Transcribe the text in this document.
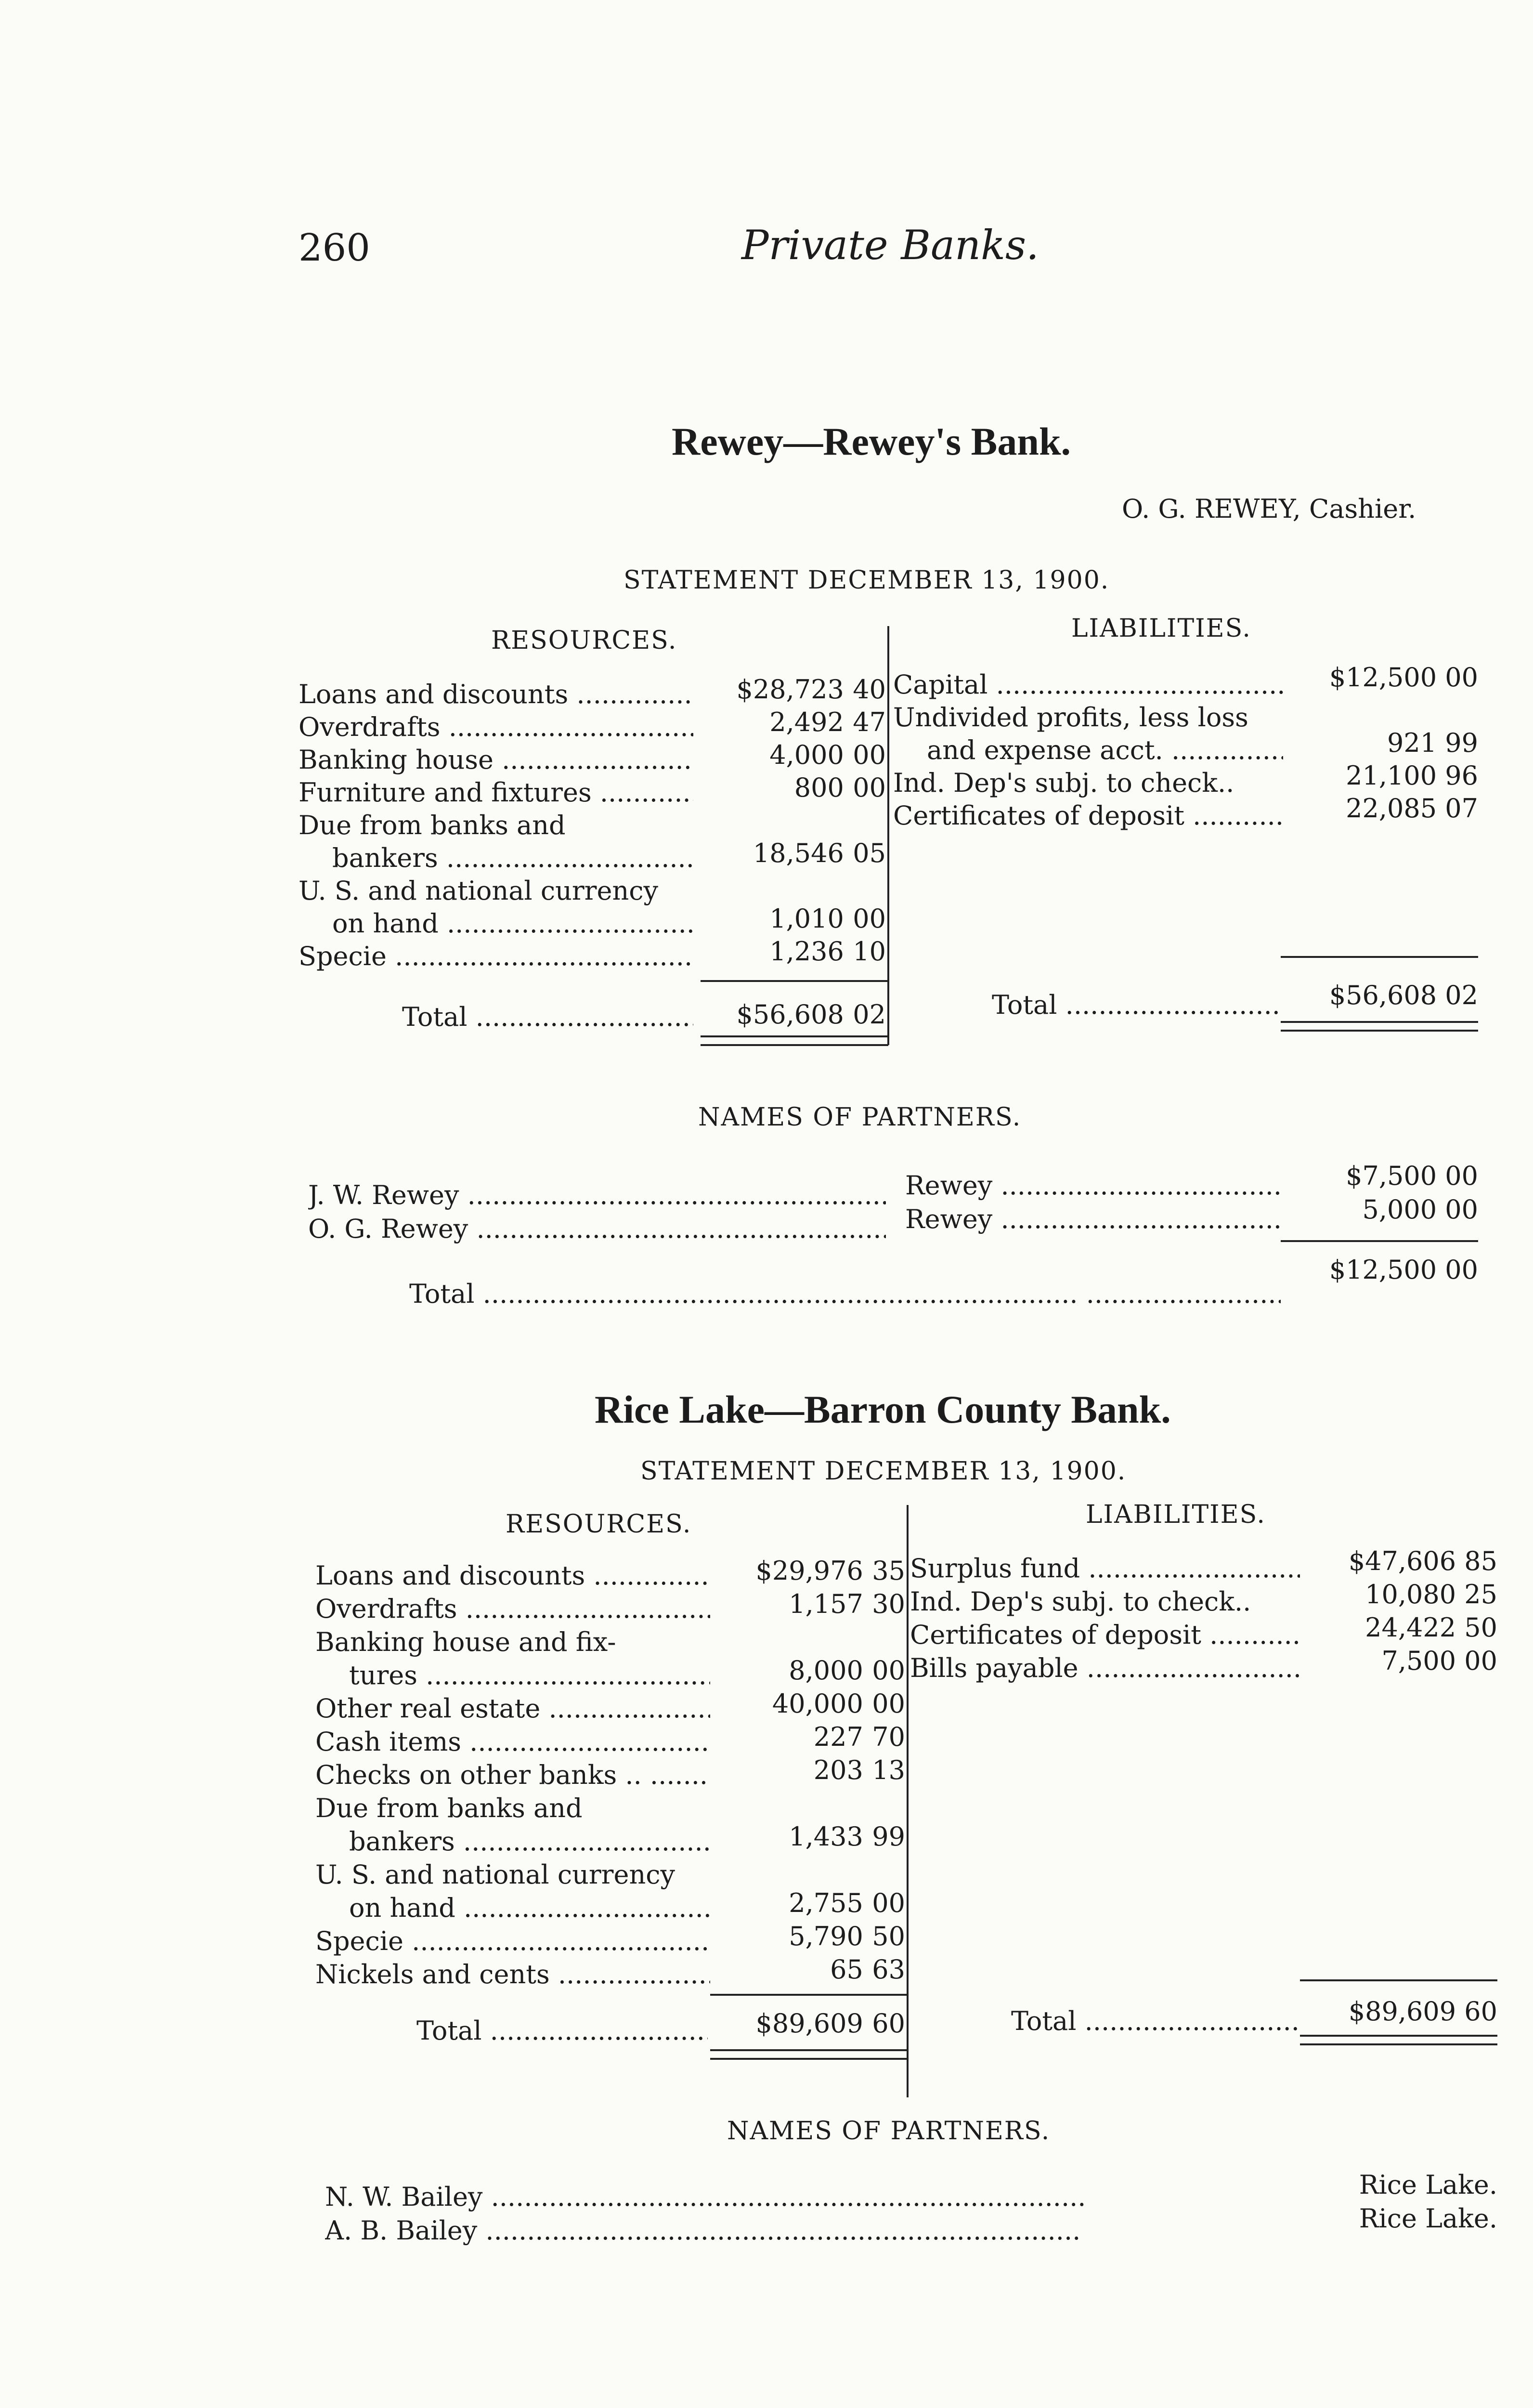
260	Private Banks.
Rewey—Rewey's Bank.
O. G. REWEY, Cashier.
STATEMENT DECEMBER 13, 1900.
RESOURCES.	LIABILITIES.
Loans and discounts .....	$28,723 40
Overdrafts .....	2,492 47
Banking house .....	4,000 00
Furniture and fixtures .....	800 00
Due from banks and
bankers .....	18,546 05
U. S. and national currency
on hand .....	1,010 00
Specie .....	1,236 10
Capital .....	$12,500 00
Undivided profits, less loss
and expense acct. .....	921 99
Ind. Dep's subj. to check..	21,100 96
Certificates of deposit .....	22,085 07
Total .....	$56,608 02	Total .....	$56,608 02
NAMES OF PARTNERS.
J. W. Rewey .....	Rewey .....	$7,500 00
O. G. Rewey .....	Rewey .....	5,000 00
Total ..... .....
$12,500 00
Rice Lake—Barron County Bank.
STATEMENT DECEMBER 13, 1900.
RESOURCES.	LIABILITIES.
Loans and discounts .....	$29,976 35
Overdrafts .....	1,157 30
Banking house and fix-
tures .....	8,000 00
Other real estate .....	40,000 00
Cash items .....	227 70
Checks on other banks .. .....	203 13
Due from banks and
bankers .....	1,433 99
U. S. and national currency
on hand .....	2,755 00
Specie .....	5,790 50
Nickels and cents .....	65 63
Surplus fund .....	$47,606 85
Ind. Dep's subj. to check..	10,080 25
Certificates of deposit .....	24,422 50
Bills payable .....	7,500 00
Total .....	$89,609 60	Total .....	$89,609 60
NAMES OF PARTNERS.
N. W. Bailey .....	Rice Lake.
A. B. Bailey .....	Rice Lake.
